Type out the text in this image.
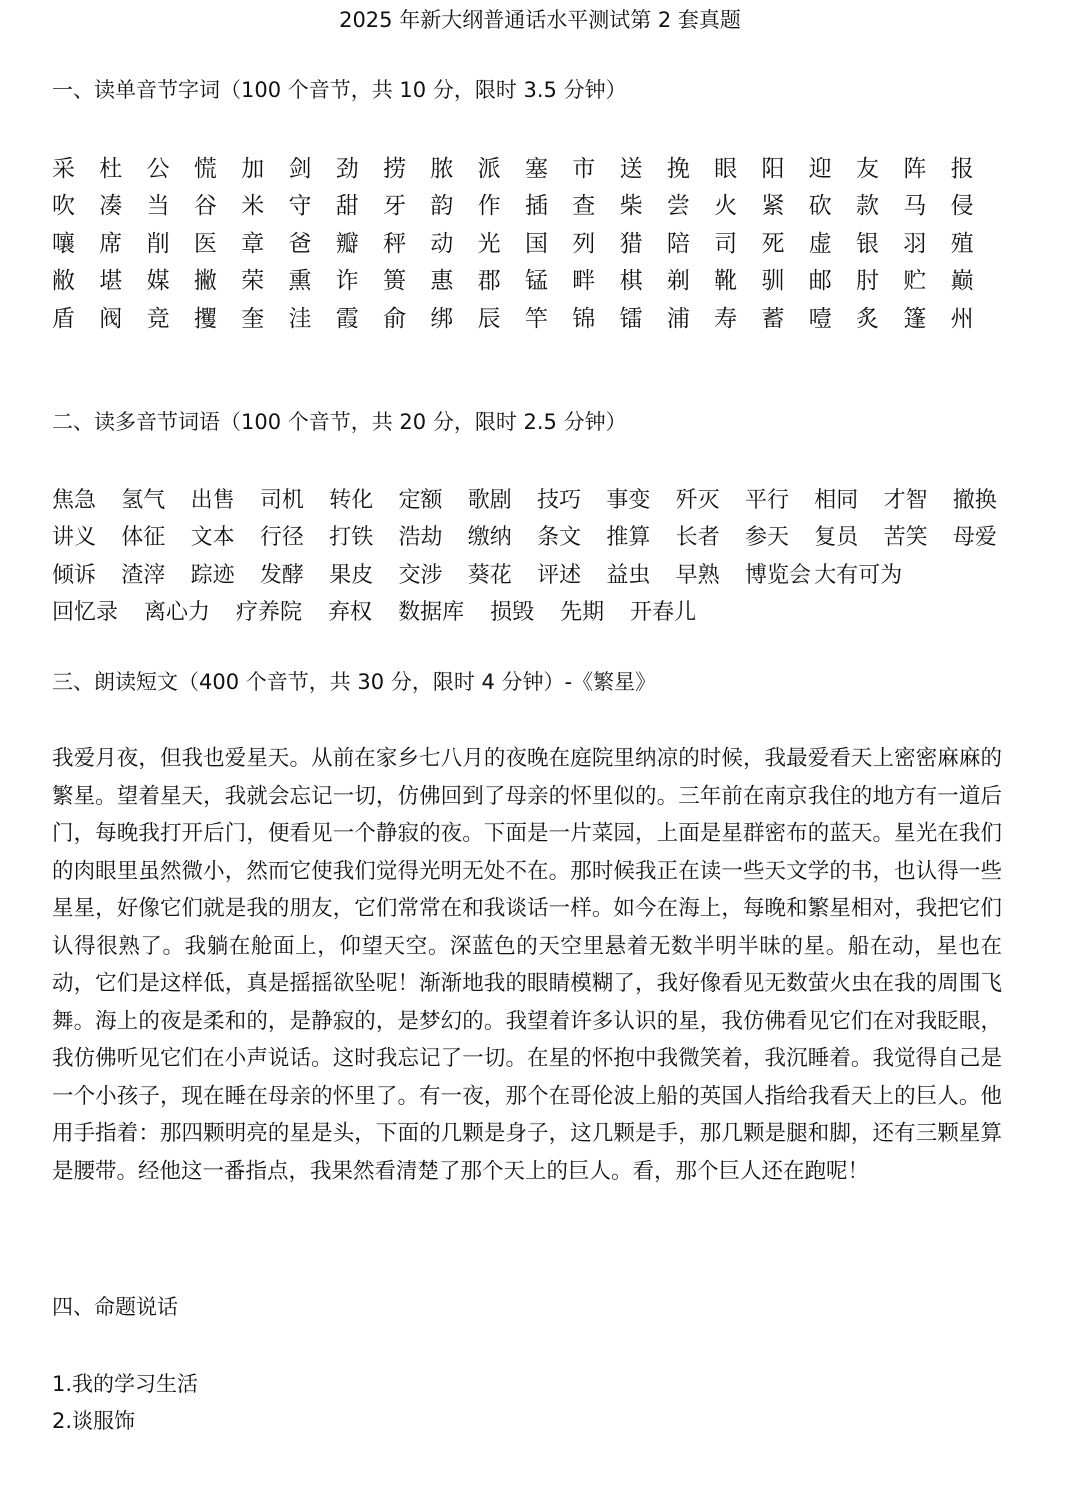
2025 年新大纲普通话水平测试第 2 套真题
一、读单音节字词（100 个音节，共 10 分，限时 3.5 分钟）
采	杜	公	慌	加	剑	劲	捞	脓	派	塞	市	送	挽	眼	阳	迎	友	阵	报
吹	凑	当	谷	米	守	甜	牙	韵	作	插	查	柴	尝	火	紧	砍	款	马	侵
嚷	席	削	医	章	爸	瓣	秤	动	光	国	列	猎	陪	司	死	虚	银	羽	殖
敝	堪	媒	撇	荣	熏	诈	篑	惠	郡	锰	畔	棋	剃	靴	驯	邮	肘	贮	巅
盾	阀	竞	攫	奎	洼	霞	俞	绑	辰	竿	锦	镭	浦	寿	蓄	噎	炙	篷	州
二、读多音节词语（100 个音节，共 20 分，限时 2.5 分钟）
焦急	氢气	出售	司机	转化	定额	歌剧	技巧	事变	歼灭	平行	相同	才智	撤换
讲义	体征	文本	行径	打铁	浩劫	缴纳	条文	推算	长者	参天	复员	苦笑	母爱
倾诉	渣滓	踪迹	发酵	果皮	交涉	葵花	评述	益虫	早熟	博览会 大有可为
回忆录 离心力 疗养院 弃权 数据库 损毁 先期 开春儿
三、朗读短文（400 个音节，共 30 分，限时 4 分钟）-《繁星》
我爱月夜，但我也爱星天。从前在家乡七八月的夜晚在庭院里纳凉的时候，我最爱看天上密密麻麻的繁星。望着星天，我就会忘记一切，仿佛回到了母亲的怀里似的。三年前在南京我住的地方有一道后门，每晚我打开后门，便看见一个静寂的夜。下面是一片菜园，上面是星群密布的蓝天。星光在我们的肉眼里虽然微小，然而它使我们觉得光明无处不在。那时候我正在读一些天文学的书，也认得一些星星，好像它们就是我的朋友，它们常常在和我谈话一样。如今在海上，每晚和繁星相对，我把它们认得很熟了。我躺在舱面上，仰望天空。深蓝色的天空里悬着无数半明半昧的星。船在动，星也在动，它们是这样低，真是摇摇欲坠呢！渐渐地我的眼睛模糊了，我好像看见无数萤火虫在我的周围飞舞。海上的夜是柔和的，是静寂的，是梦幻的。我望着许多认识的星，我仿佛看见它们在对我眨眼，我仿佛听见它们在小声说话。这时我忘记了一切。在星的怀抱中我微笑着，我沉睡着。我觉得自己是一个小孩子，现在睡在母亲的怀里了。有一夜，那个在哥伦波上船的英国人指给我看天上的巨人。他用手指着：那四颗明亮的星是头，下面的几颗是身子，这几颗是手，那几颗是腿和脚，还有三颗星算是腰带。经他这一番指点，我果然看清楚了那个天上的巨人。看，那个巨人还在跑呢！
四、命题说话
1.我的学习生活
2.谈服饰
